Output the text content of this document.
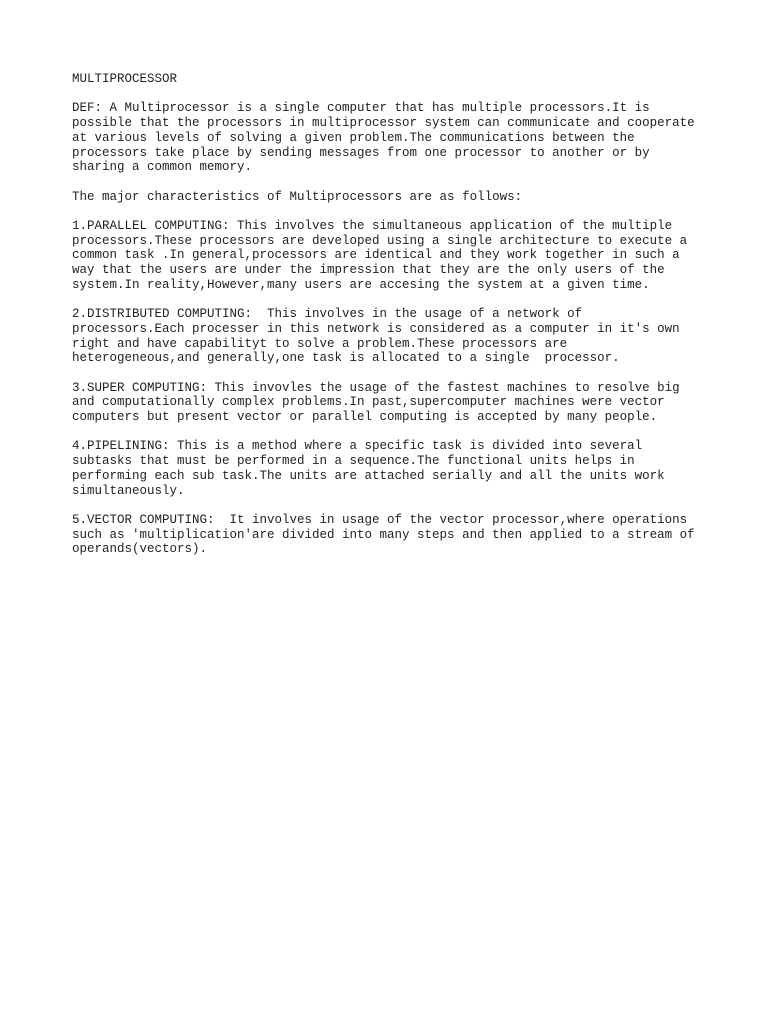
MULTIPROCESSOR

DEF: A Multiprocessor is a single computer that has multiple processors.It is
possible that the processors in multiprocessor system can communicate and cooperate
at various levels of solving a given problem.The communications between the
processors take place by sending messages from one processor to another or by
sharing a common memory.

The major characteristics of Multiprocessors are as follows:

1.PARALLEL COMPUTING: This involves the simultaneous application of the multiple
processors.These processors are developed using a single architecture to execute a
common task .In general,processors are identical and they work together in such a
way that the users are under the impression that they are the only users of the
system.In reality,However,many users are accesing the system at a given time.

2.DISTRIBUTED COMPUTING:  This involves in the usage of a network of
processors.Each processer in this network is considered as a computer in it's own
right and have capabilityt to solve a problem.These processors are
heterogeneous,and generally,one task is allocated to a single  processor.

3.SUPER COMPUTING: This invovles the usage of the fastest machines to resolve big
and computationally complex problems.In past,supercomputer machines were vector
computers but present vector or parallel computing is accepted by many people.

4.PIPELINING: This is a method where a specific task is divided into several
subtasks that must be performed in a sequence.The functional units helps in
performing each sub task.The units are attached serially and all the units work
simultaneously.

5.VECTOR COMPUTING:  It involves in usage of the vector processor,where operations
such as 'multiplication'are divided into many steps and then applied to a stream of
operands(vectors).
